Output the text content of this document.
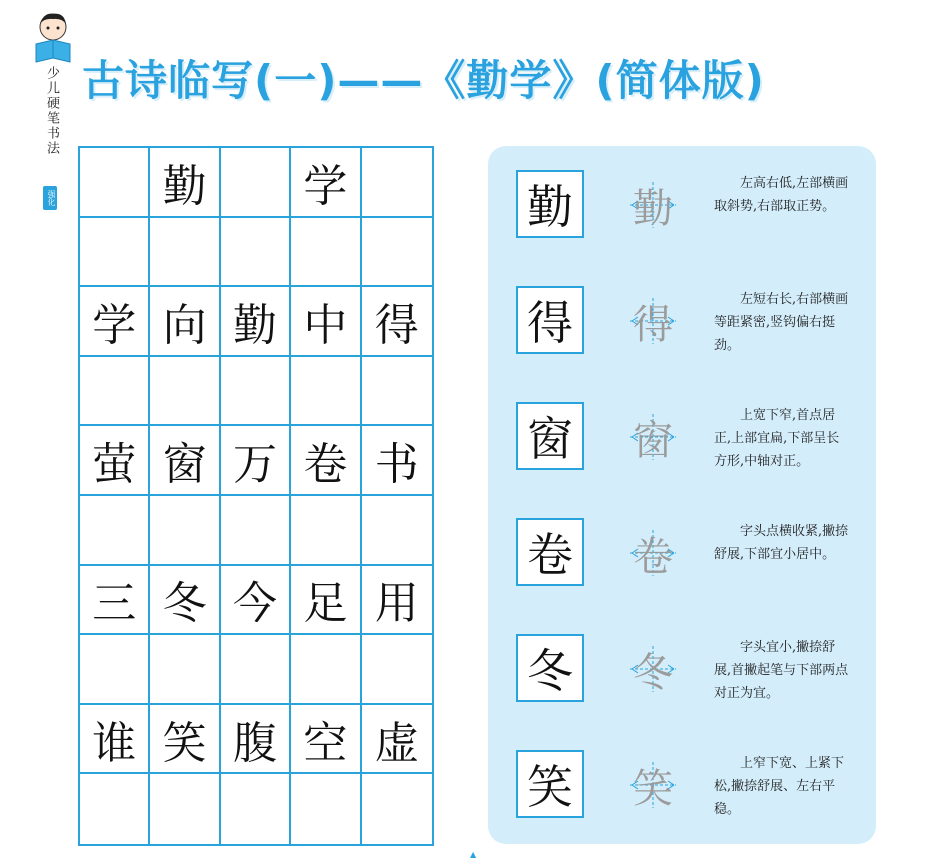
少儿硬笔书法
强化
古诗临写(一)——《勤学》(简体版)
勤	学
学 向 勤 中 得
萤 窗 万 卷 书
三 冬 今 足 用
谁 笑 腹 空 虚
勤 勤
左高右低,左部横画取斜势,右部取正势。
得 得
左短右长,右部横画等距紧密,竖钩偏右挺劲。
窗 窗
上宽下窄,首点居正,上部宜扁,下部呈长方形,中轴对正。
卷 卷
字头点横收紧,撇捺舒展,下部宜小居中。
冬 冬
字头宜小,撇捺舒展,首撇起笔与下部两点对正为宜。
笑 笑
上窄下宽、上紧下松,撇捺舒展、左右平稳。
▲
